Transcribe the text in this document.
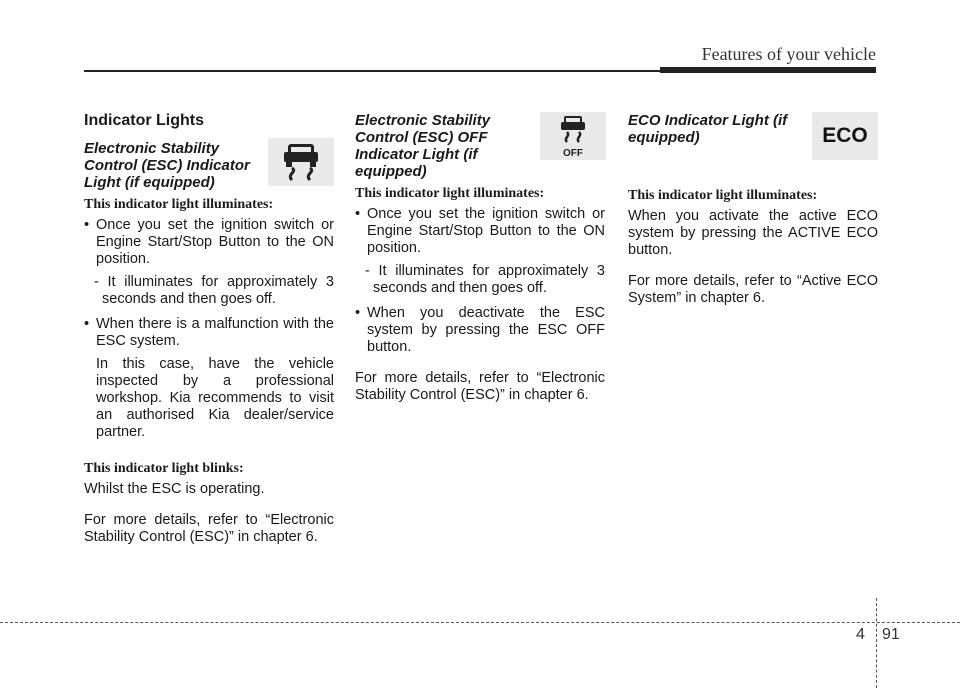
Features of your vehicle
Indicator Lights
Electronic Stability Control (ESC) Indicator Light (if equipped)
This indicator light illuminates:
• Once you set the ignition switch or Engine Start/Stop Button to the ON position.
- It illuminates for approximately 3 seconds and then goes off.
• When there is a malfunction with the ESC system.
In this case, have the vehicle inspected by a professional workshop. Kia recommends to visit an authorised Kia dealer/service partner.
This indicator light blinks:
Whilst the ESC is operating.
For more details, refer to “Electronic Stability Control (ESC)” in chapter 6.
Electronic Stability Control (ESC) OFF Indicator Light (if equipped)
This indicator light illuminates:
• Once you set the ignition switch or Engine Start/Stop Button to the ON position.
- It illuminates for approximately 3 seconds and then goes off.
• When you deactivate the ESC system by pressing the ESC OFF button.
For more details, refer to “Electronic Stability Control (ESC)” in chapter 6.
OFF
ECO Indicator Light (if equipped)
This indicator light illuminates:
When you activate the active ECO system by pressing the ACTIVE ECO button.
For more details, refer to “Active ECO System” in chapter 6.
ECO
4 91
